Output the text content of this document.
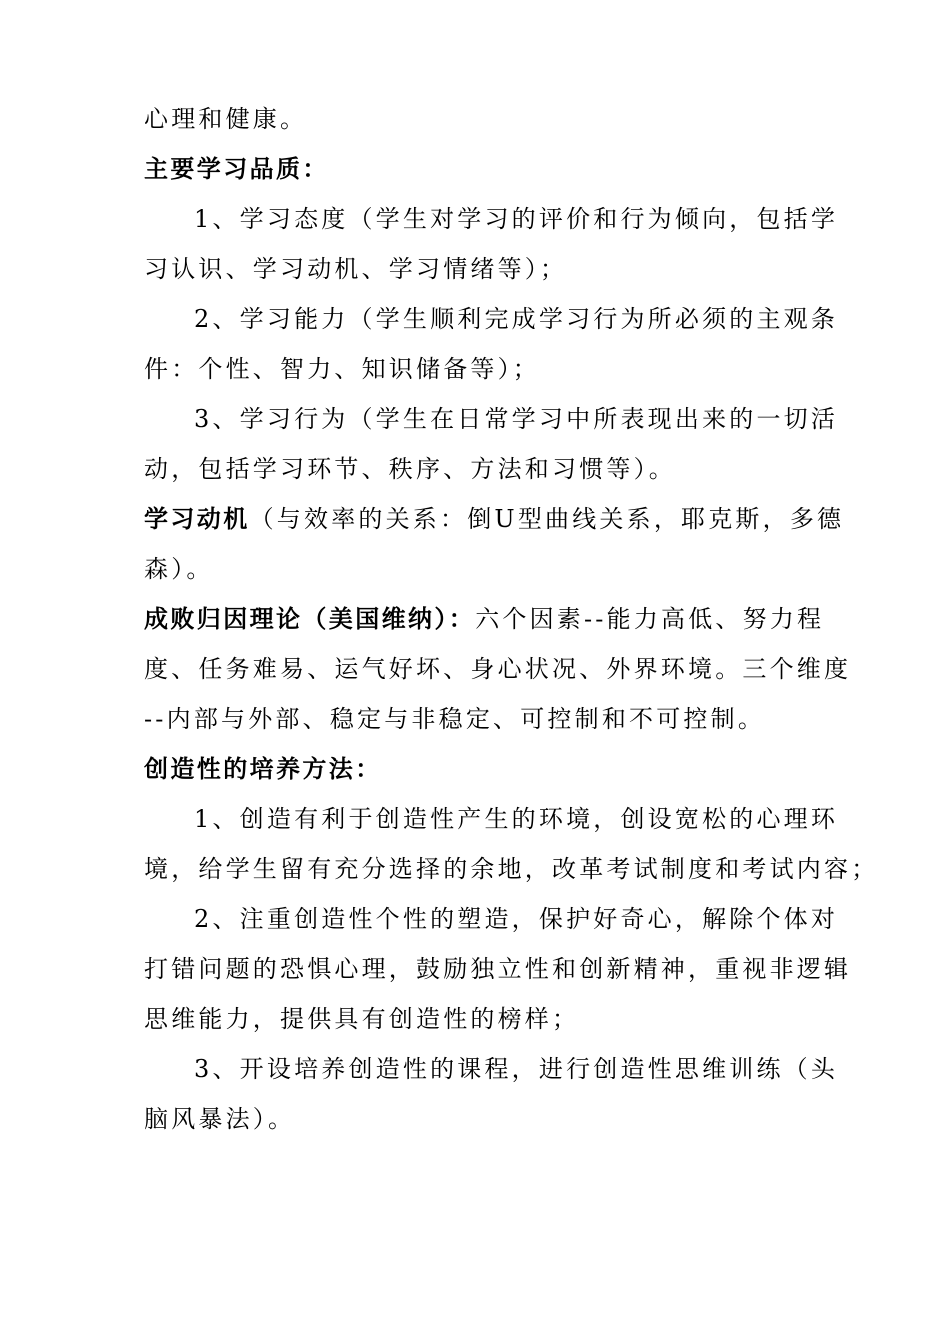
心理和健康。
主要学习品质：
1、学习态度（学生对学习的评价和行为倾向，包括学
习认识、学习动机、学习情绪等）；
2、学习能力（学生顺利完成学习行为所必须的主观条
件：个性、智力、知识储备等）；
3、学习行为（学生在日常学习中所表现出来的一切活
动，包括学习环节、秩序、方法和习惯等）。
学习动机（与效率的关系：倒U型曲线关系，耶克斯，多德
森）。
成败归因理论（美国维纳）：六个因素--能力高低、努力程
度、任务难易、运气好坏、身心状况、外界环境。三个维度
--内部与外部、稳定与非稳定、可控制和不可控制。
创造性的培养方法：
1、创造有利于创造性产生的环境，创设宽松的心理环
境，给学生留有充分选择的余地，改革考试制度和考试内容；
2、注重创造性个性的塑造，保护好奇心，解除个体对
打错问题的恐惧心理，鼓励独立性和创新精神，重视非逻辑
思维能力，提供具有创造性的榜样；
3、开设培养创造性的课程，进行创造性思维训练（头
脑风暴法）。
